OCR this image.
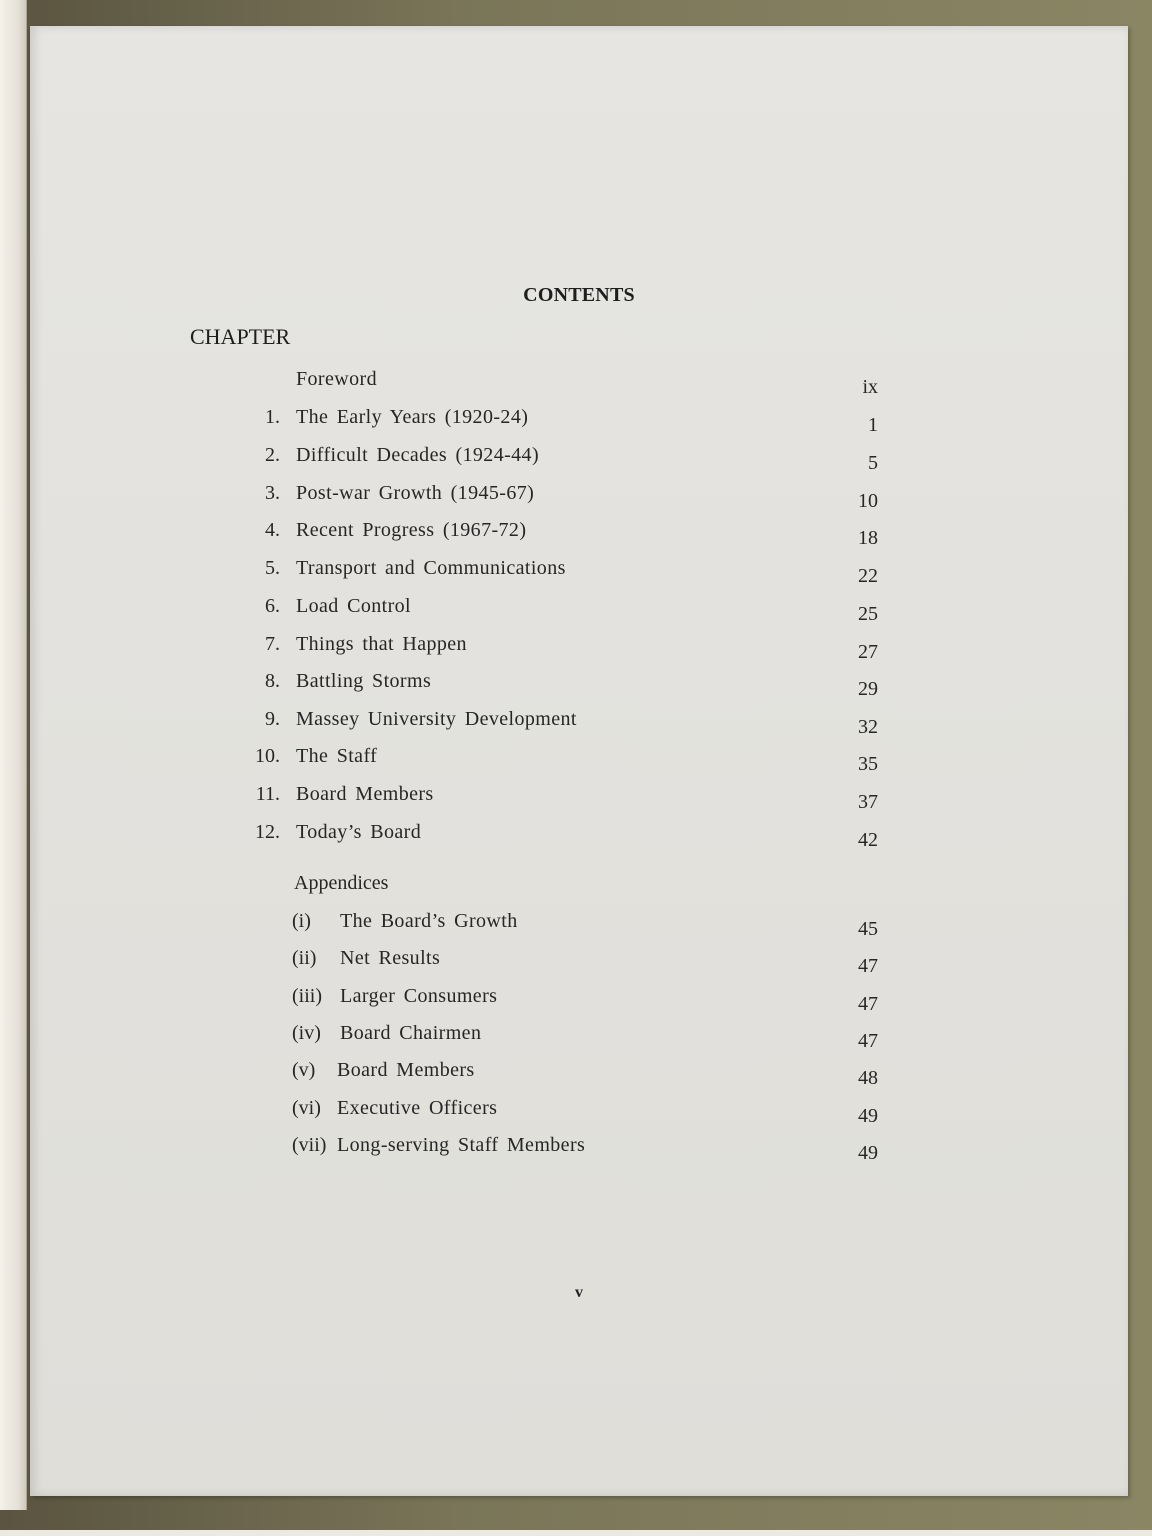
CONTENTS
CHAPTER
Foreword	ix
1. The Early Years (1920-24)	1
2. Difficult Decades (1924-44)	5
3. Post-war Growth (1945-67)	10
4. Recent Progress (1967-72)	18
5. Transport and Communications	22
6. Load Control	25
7. Things that Happen	27
8. Battling Storms	29
9. Massey University Development	32
10. The Staff	35
11. Board Members	37
12. Today’s Board	42
Appendices
(i) The Board’s Growth	45
(ii) Net Results	47
(iii) Larger Consumers	47
(iv) Board Chairmen	47
(v) Board Members	48
(vi) Executive Officers	49
(vii) Long-serving Staff Members	49
v
